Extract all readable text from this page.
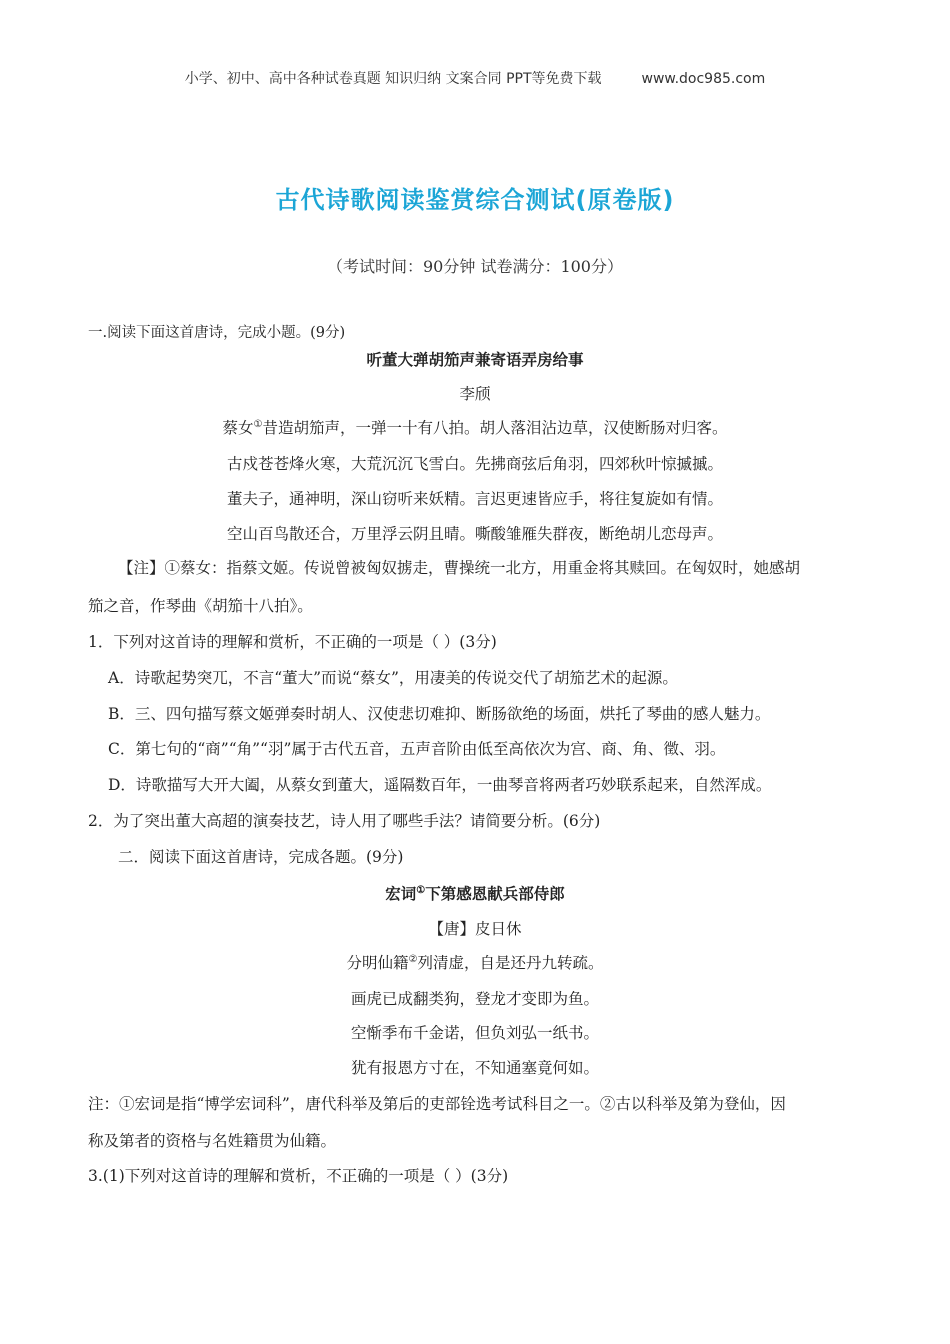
小学、初中、高中各种试卷真题 知识归纳 文案合同 PPT等免费下载	www.doc985.com
古代诗歌阅读鉴赏综合测试(原卷版)
（考试时间：90分钟 试卷满分：100分）
一.阅读下面这首唐诗，完成小题。(9分)
听董大弹胡笳声兼寄语弄房给事
李颀
蔡女①昔造胡笳声，一弹一十有八拍。胡人落泪沾边草，汉使断肠对归客。
古戍苍苍烽火寒，大荒沉沉飞雪白。先拂商弦后角羽，四郊秋叶惊摵摵。
董夫子，通神明，深山窃听来妖精。言迟更速皆应手，将往复旋如有情。
空山百鸟散还合，万里浮云阴且晴。嘶酸雏雁失群夜，断绝胡儿恋母声。
【注】①蔡女：指蔡文姬。传说曾被匈奴掳走，曹操统一北方，用重金将其赎回。在匈奴时，她感胡
笳之音，作琴曲《胡笳十八拍》。
1．下列对这首诗的理解和赏析，不正确的一项是（ ）(3分)
A．诗歌起势突兀，不言“董大”而说“蔡女”，用凄美的传说交代了胡笳艺术的起源。
B．三、四句描写蔡文姬弹奏时胡人、汉使悲切难抑、断肠欲绝的场面，烘托了琴曲的感人魅力。
C．第七句的“商”“角”“羽”属于古代五音，五声音阶由低至高依次为宫、商、角、徵、羽。
D．诗歌描写大开大阖，从蔡女到董大，遥隔数百年，一曲琴音将两者巧妙联系起来，自然浑成。
2．为了突出董大高超的演奏技艺，诗人用了哪些手法？请简要分析。(6分)
二．阅读下面这首唐诗，完成各题。(9分)
宏词①下第感恩献兵部侍郎
【唐】皮日休
分明仙籍②列清虚，自是还丹九转疏。
画虎已成翻类狗，登龙才变即为鱼。
空惭季布千金诺，但负刘弘一纸书。
犹有报恩方寸在，不知通塞竟何如。
注：①宏词是指“博学宏词科”，唐代科举及第后的吏部铨选考试科目之一。②古以科举及第为登仙，因
称及第者的资格与名姓籍贯为仙籍。
3.(1)下列对这首诗的理解和赏析，不正确的一项是（ ）(3分)
